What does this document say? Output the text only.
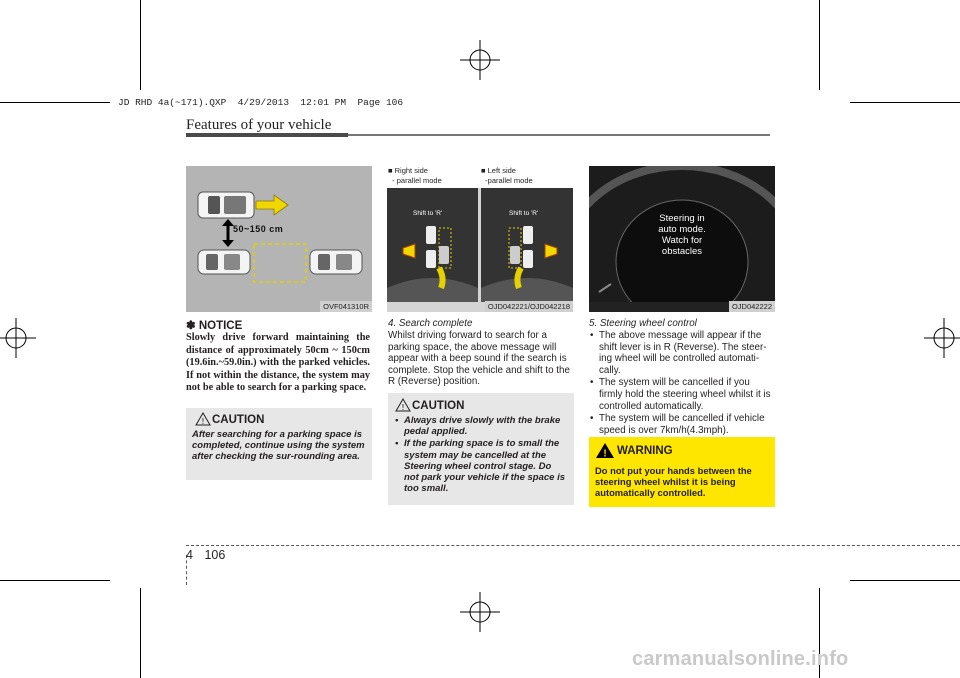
JD RHD 4a(~171).QXP  4/29/2013  12:01 PM  Page 106
Features of your vehicle
50~150 cm
OVF041310R
■ Right side
- parallel mode
■ Left side
-parallel mode
Shift to 'R'	Shift to 'R'
OJD042221/OJD042218
Steering in
auto mode.
Watch for
obstacles
OJD042222
✽ NOTICE
Slowly drive forward maintaining the distance of approximately 50cm ~ 150cm (19.6in.~59.0in.) with the parked vehicles. If not within the distance, the system may not be able to search for a parking space.
! CAUTION
After searching for a parking space is completed, continue using the system after checking the sur-rounding area.
4. Search complete
Whilst driving forward to search for a parking space, the above message will appear with a beep sound if the search is complete. Stop the vehicle and shift to the R (Reverse) position.
! CAUTION
• Always drive slowly with the brake pedal applied.
• If the parking space is to small the system may be cancelled at the Steering wheel control stage. Do not park your vehicle if the space is too small.
5. Steering wheel control
• The above message will appear if the shift lever is in R (Reverse). The steer-ing wheel will be controlled automati-cally.
• The system will be cancelled if you firmly hold the steering wheel whilst it is controlled automatically.
• The system will be cancelled if vehicle speed is over 7km/h(4.3mph).
! WARNING
Do not put your hands between the steering wheel whilst it is being automatically controlled.
4 106
carmanualsonline.info
